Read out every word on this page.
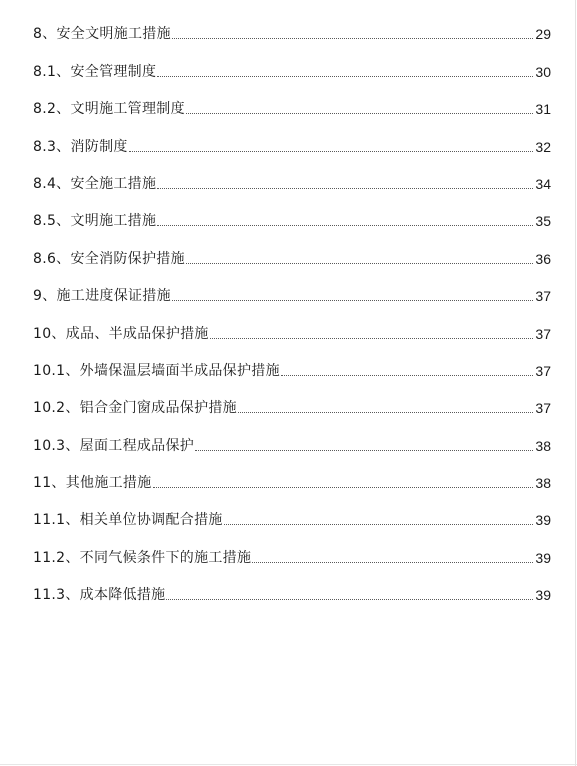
8、安全文明施工措施	29
8.1、安全管理制度	30
8.2、文明施工管理制度	31
8.3、消防制度	32
8.4、安全施工措施	34
8.5、文明施工措施	35
8.6、安全消防保护措施	36
9、施工进度保证措施	37
10、成品、半成品保护措施	37
10.1、外墙保温层墙面半成品保护措施	37
10.2、铝合金门窗成品保护措施	37
10.3、屋面工程成品保护	38
11、其他施工措施	38
11.1、相关单位协调配合措施	39
11.2、不同气候条件下的施工措施	39
11.3、成本降低措施	39
